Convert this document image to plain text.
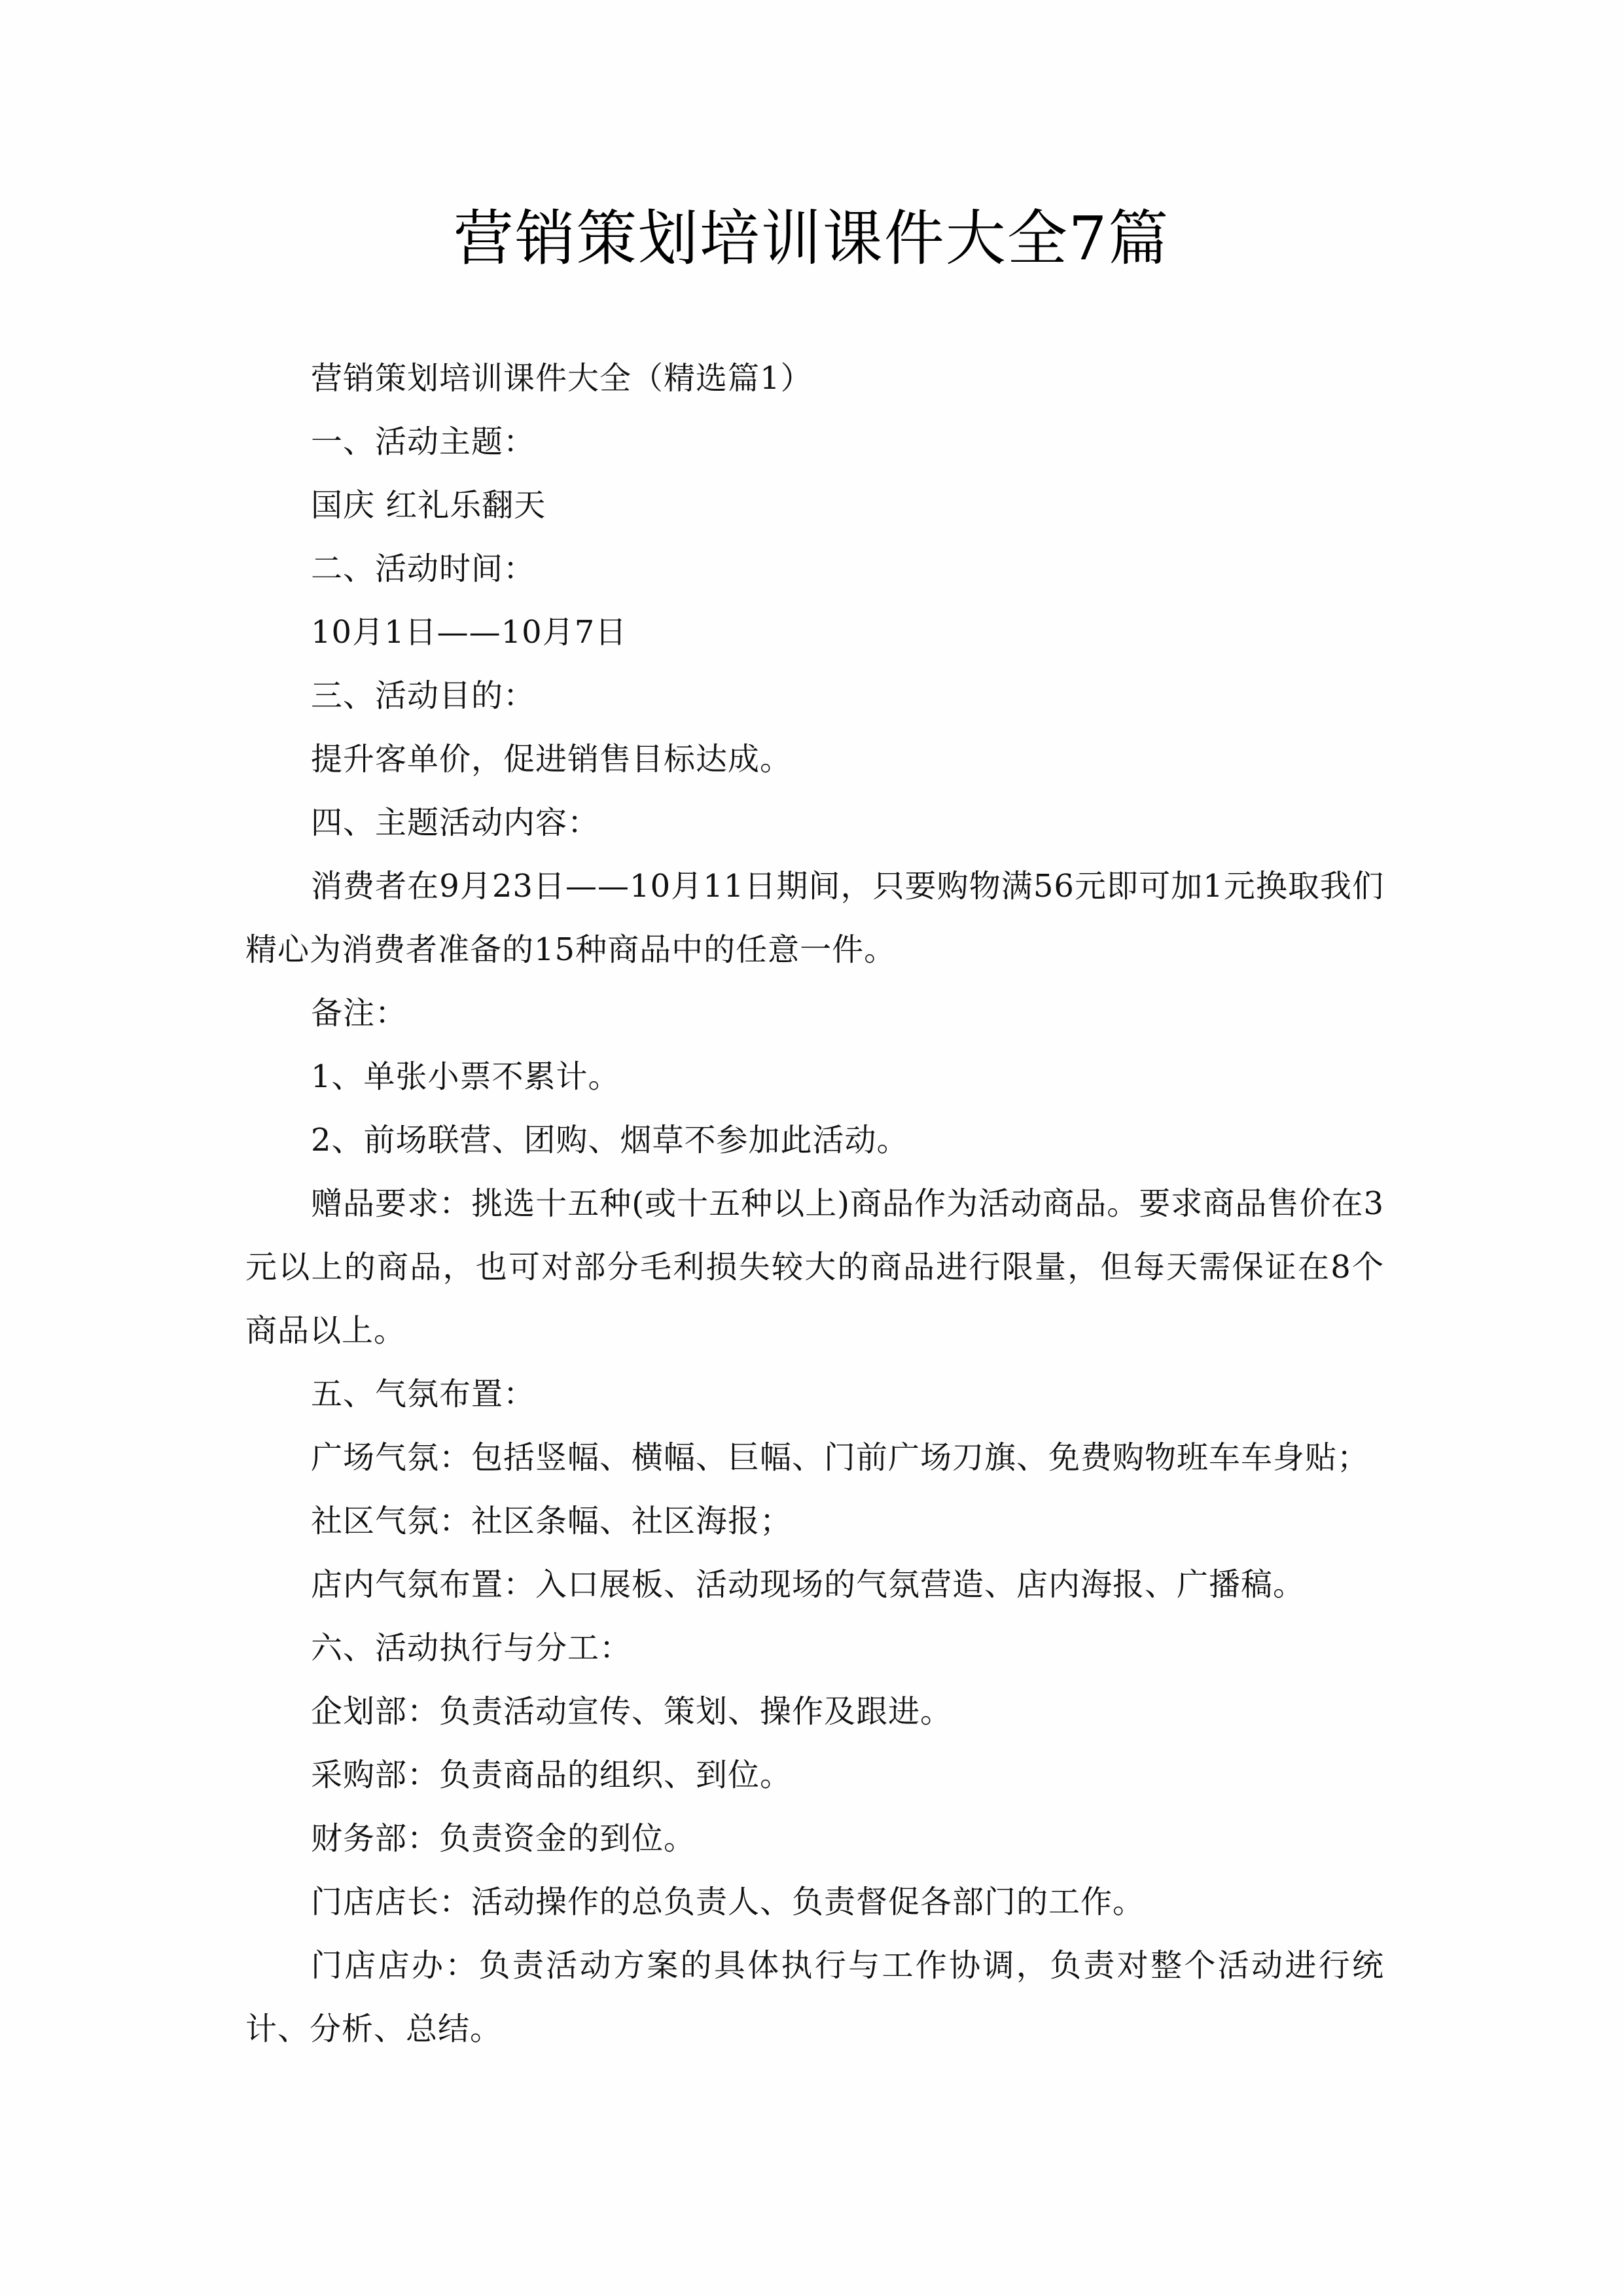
营销策划培训课件大全7篇

营销策划培训课件大全（精选篇1）

一、活动主题：

国庆 红礼乐翻天

二、活动时间：

10月1日——10月7日

三、活动目的：

提升客单价，促进销售目标达成。

四、主题活动内容：

消费者在9月23日——10月11日期间，只要购物满56元即可加1元换取我们精心为消费者准备的15种商品中的任意一件。

备注：

1、单张小票不累计。

2、前场联营、团购、烟草不参加此活动。

赠品要求：挑选十五种(或十五种以上)商品作为活动商品。要求商品售价在3元以上的商品，也可对部分毛利损失较大的商品进行限量，但每天需保证在8个商品以上。

五、气氛布置：

广场气氛：包括竖幅、横幅、巨幅、门前广场刀旗、免费购物班车车身贴；

社区气氛：社区条幅、社区海报；

店内气氛布置：入口展板、活动现场的气氛营造、店内海报、广播稿。

六、活动执行与分工：

企划部：负责活动宣传、策划、操作及跟进。

采购部：负责商品的组织、到位。

财务部：负责资金的到位。

门店店长：活动操作的总负责人、负责督促各部门的工作。

门店店办：负责活动方案的具体执行与工作协调，负责对整个活动进行统计、分析、总结。
